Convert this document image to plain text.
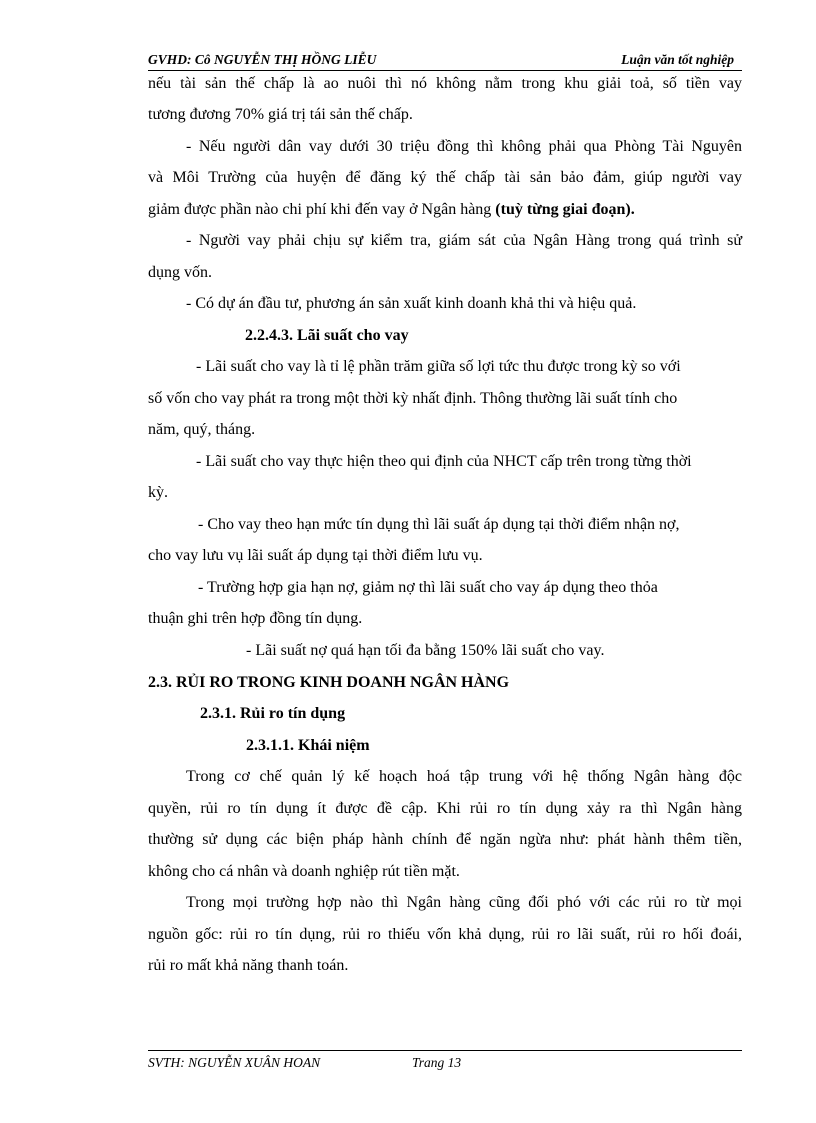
GVHD: Cô NGUYỄN THỊ HỒNG LIỄU	Luận văn tốt nghiệp
nếu tài sản thế chấp là ao nuôi thì nó không nằm trong khu giải toả, số tiền vay
tương đương 70% giá trị tái sản thế chấp.
- Nếu người dân vay dưới 30 triệu đồng thì không phải qua Phòng Tài Nguyên
và Môi Trường của huyện để đăng ký thế chấp tài sản bảo đảm, giúp người vay
giảm được phần nào chi phí khi đến vay ở Ngân hàng (tuỳ từng giai đoạn).
- Người vay phải chịu sự kiểm tra, giám sát của Ngân Hàng trong quá trình sử
dụng vốn.
- Có dự án đầu tư, phương án sản xuất kinh doanh khả thi và hiệu quả.
2.2.4.3. Lãi suất cho vay
- Lãi suất cho vay là tỉ lệ phần trăm giữa số lợi tức thu được trong kỳ so với
số vốn cho vay phát ra trong một thời kỳ nhất định. Thông thường lãi suất tính cho
năm, quý, tháng.
- Lãi suất cho vay thực hiện theo qui định của NHCT cấp trên trong từng thời
kỳ.
- Cho vay theo hạn mức tín dụng thì lãi suất áp dụng tại thời điểm nhận nợ,
cho vay lưu vụ lãi suất áp dụng tại thời điểm lưu vụ.
- Trường hợp gia hạn nợ, giảm nợ thì lãi suất cho vay áp dụng theo thỏa
thuận ghi trên hợp đồng tín dụng.
- Lãi suất nợ quá hạn tối đa bằng 150% lãi suất cho vay.
2.3. RỦI RO TRONG KINH DOANH NGÂN HÀNG
2.3.1. Rủi ro tín dụng
2.3.1.1. Khái niệm
Trong cơ chế quản lý kế hoạch hoá tập trung với hệ thống Ngân hàng độc
quyền, rủi ro tín dụng ít được đề cập. Khi rủi ro tín dụng xảy ra thì Ngân hàng
thường sử dụng các biện pháp hành chính để ngăn ngừa như: phát hành thêm tiền,
không cho cá nhân và doanh nghiệp rút tiền mặt.
Trong mọi trường hợp nào thì Ngân hàng cũng đối phó với các rủi ro từ mọi
nguồn gốc: rủi ro tín dụng, rủi ro thiếu vốn khả dụng, rủi ro lãi suất, rủi ro hối đoái,
rủi ro mất khả năng thanh toán.
SVTH: NGUYỄN XUÂN HOAN	Trang 13
